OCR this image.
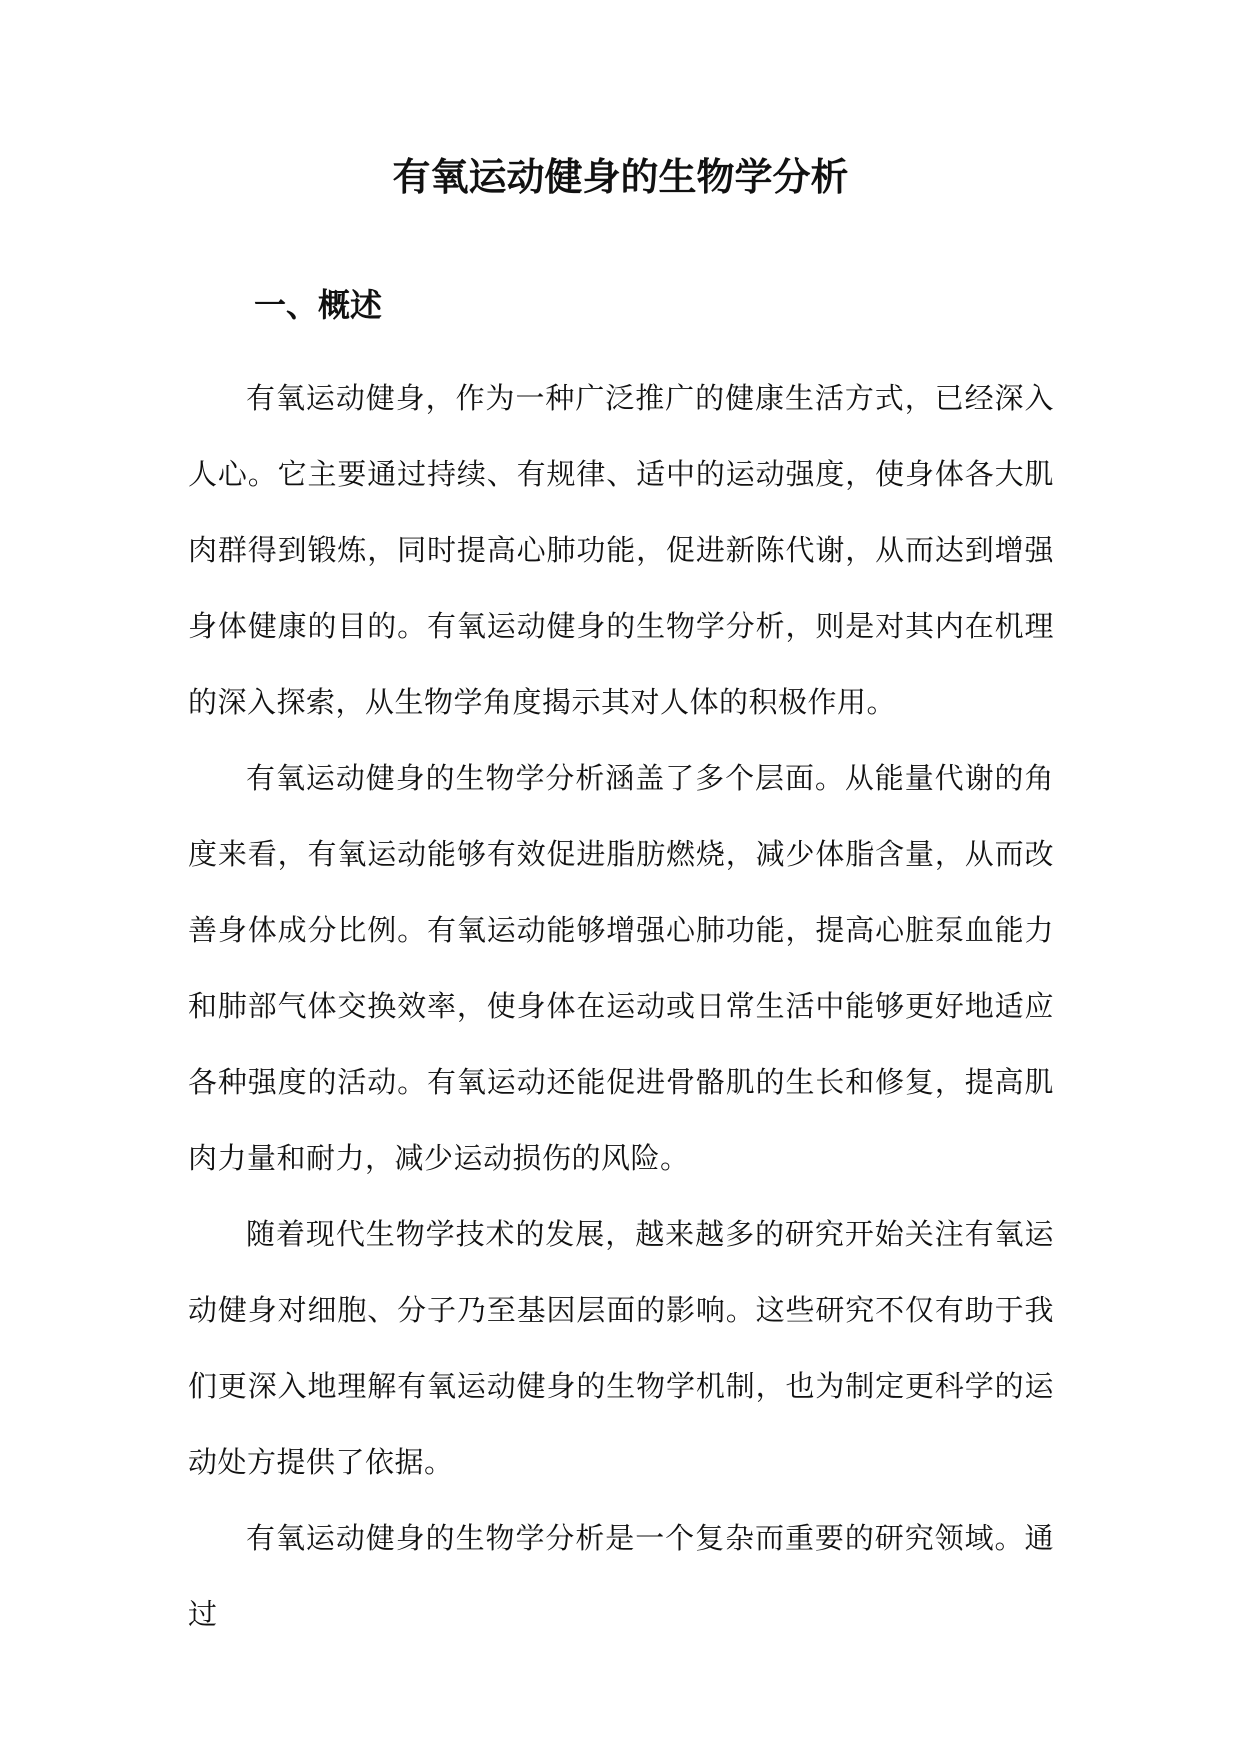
有氧运动健身的生物学分析
一、概述

有氧运动健身，作为一种广泛推广的健康生活方式，已经深入人心。它主要通过持续、有规律、适中的运动强度，使身体各大肌肉群得到锻炼，同时提高心肺功能，促进新陈代谢，从而达到增强身体健康的目的。有氧运动健身的生物学分析，则是对其内在机理的深入探索，从生物学角度揭示其对人体的积极作用。

有氧运动健身的生物学分析涵盖了多个层面。从能量代谢的角度来看，有氧运动能够有效促进脂肪燃烧，减少体脂含量，从而改善身体成分比例。有氧运动能够增强心肺功能，提高心脏泵血能力和肺部气体交换效率，使身体在运动或日常生活中能够更好地适应各种强度的活动。有氧运动还能促进骨骼肌的生长和修复，提高肌肉力量和耐力，减少运动损伤的风险。

随着现代生物学技术的发展，越来越多的研究开始关注有氧运动健身对细胞、分子乃至基因层面的影响。这些研究不仅有助于我们更深入地理解有氧运动健身的生物学机制，也为制定更科学的运动处方提供了依据。

有氧运动健身的生物学分析是一个复杂而重要的研究领域。通过
